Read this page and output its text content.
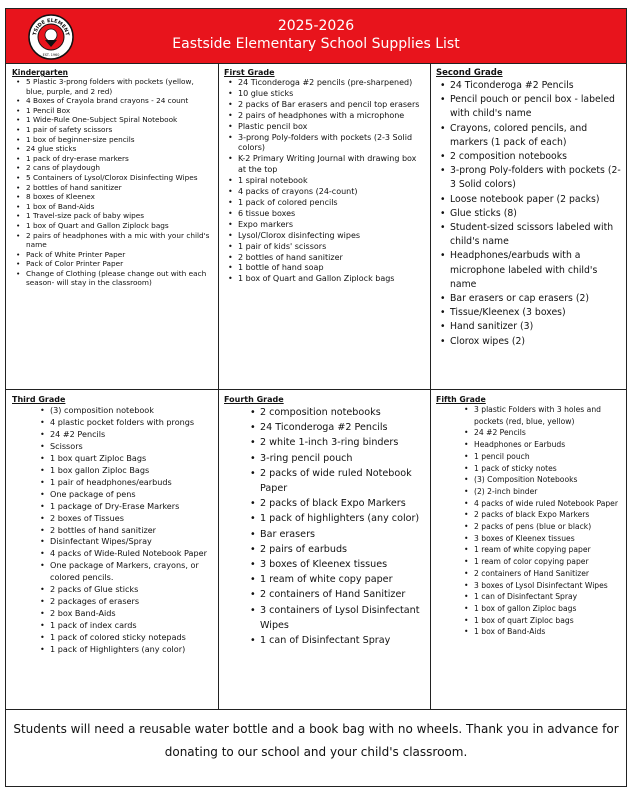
TSIDE ELEMENT
EST. 1960
2025-2026
Eastside Elementary School Supplies List
Kindergarten
• 5 Plastic 3-prong folders with pockets (yellow, blue, purple, and 2 red)
• 4 Boxes of Crayola brand crayons - 24 count
• 1 Pencil Box
• 1 Wide-Rule One-Subject Spiral Notebook
• 1 pair of safety scissors
• 1 box of beginner-size pencils
• 24 glue sticks
• 1 pack of dry-erase markers
• 2 cans of playdough
• 5 Containers of Lysol/Clorox Disinfecting Wipes
• 2 bottles of hand sanitizer
• 8 boxes of Kleenex
• 1 box of Band-Aids
• 1 Travel-size pack of baby wipes
• 1 box of Quart and Gallon Ziplock bags
• 2 pairs of headphones with a mic with your child's name
• Pack of White Printer Paper
• Pack of Color Printer Paper
• Change of Clothing (please change out with each season- will stay in the classroom)
First Grade
• 24 Ticonderoga #2 pencils (pre-sharpened)
• 10 glue sticks
• 2 packs of Bar erasers and pencil top erasers
• 2 pairs of headphones with a microphone
• Plastic pencil box
• 3-prong Poly-folders with pockets (2-3 Solid colors)
• K-2 Primary Writing Journal with drawing box at the top
• 1 spiral notebook
• 4 packs of crayons (24-count)
• 1 pack of colored pencils
• 6 tissue boxes
• Expo markers
• Lysol/Clorox disinfecting wipes
• 1 pair of kids' scissors
• 2 bottles of hand sanitizer
• 1 bottle of hand soap
• 1 box of Quart and Gallon Ziplock bags
Second Grade
• 24 Ticonderoga #2 Pencils
• Pencil pouch or pencil box - labeled with child's name
• Crayons, colored pencils, and markers (1 pack of each)
• 2 composition notebooks
• 3-prong Poly-folders with pockets (2-3 Solid colors)
• Loose notebook paper (2 packs)
• Glue sticks (8)
• Student-sized scissors labeled with child's name
• Headphones/earbuds with a microphone labeled with child's name
• Bar erasers or cap erasers (2)
• Tissue/Kleenex (3 boxes)
• Hand sanitizer (3)
• Clorox wipes (2)
Third Grade
• (3) composition notebook
• 4 plastic pocket folders with prongs
• 24 #2 Pencils
• Scissors
• 1 box quart Ziploc Bags
• 1 box gallon Ziploc Bags
• 1 pair of headphones/earbuds
• One package of pens
• 1 package of Dry-Erase Markers
• 2 boxes of Tissues
• 2 bottles of hand sanitizer
• Disinfectant Wipes/Spray
• 4 packs of Wide-Ruled Notebook Paper
• One package of Markers, crayons, or colored pencils.
• 2 packs of Glue sticks
• 2 packages of erasers
• 2 box Band-Aids
• 1 pack of index cards
• 1 pack of colored sticky notepads
• 1 pack of Highlighters (any color)
Fourth Grade
• 2 composition notebooks
• 24 Ticonderoga #2 Pencils
• 2 white 1-inch 3-ring binders
• 3-ring pencil pouch
• 2 packs of wide ruled Notebook Paper
• 2 packs of black Expo Markers
• 1 pack of highlighters (any color)
• Bar erasers
• 2 pairs of earbuds
• 3 boxes of Kleenex tissues
• 1 ream of white copy paper
• 2 containers of Hand Sanitizer
• 3 containers of Lysol Disinfectant Wipes
• 1 can of Disinfectant Spray
Fifth Grade
• 3 plastic Folders with 3 holes and pockets (red, blue, yellow)
• 24 #2 Pencils
• Headphones or Earbuds
• 1 pencil pouch
• 1 pack of sticky notes
• (3) Composition Notebooks
• (2) 2-inch binder
• 4 packs of wide ruled Notebook Paper
• 2 packs of black Expo Markers
• 2 packs of pens (blue or black)
• 3 boxes of Kleenex tissues
• 1 ream of white copying paper
• 1 ream of color copying paper
• 2 containers of Hand Sanitizer
• 3 boxes of Lysol Disinfectant Wipes
• 1 can of Disinfectant Spray
• 1 box of gallon Ziploc bags
• 1 box of quart Ziploc bags
• 1 box of Band-Aids
Students will need a reusable water bottle and a book bag with no wheels. Thank you in advance for donating to our school and your child's classroom.
